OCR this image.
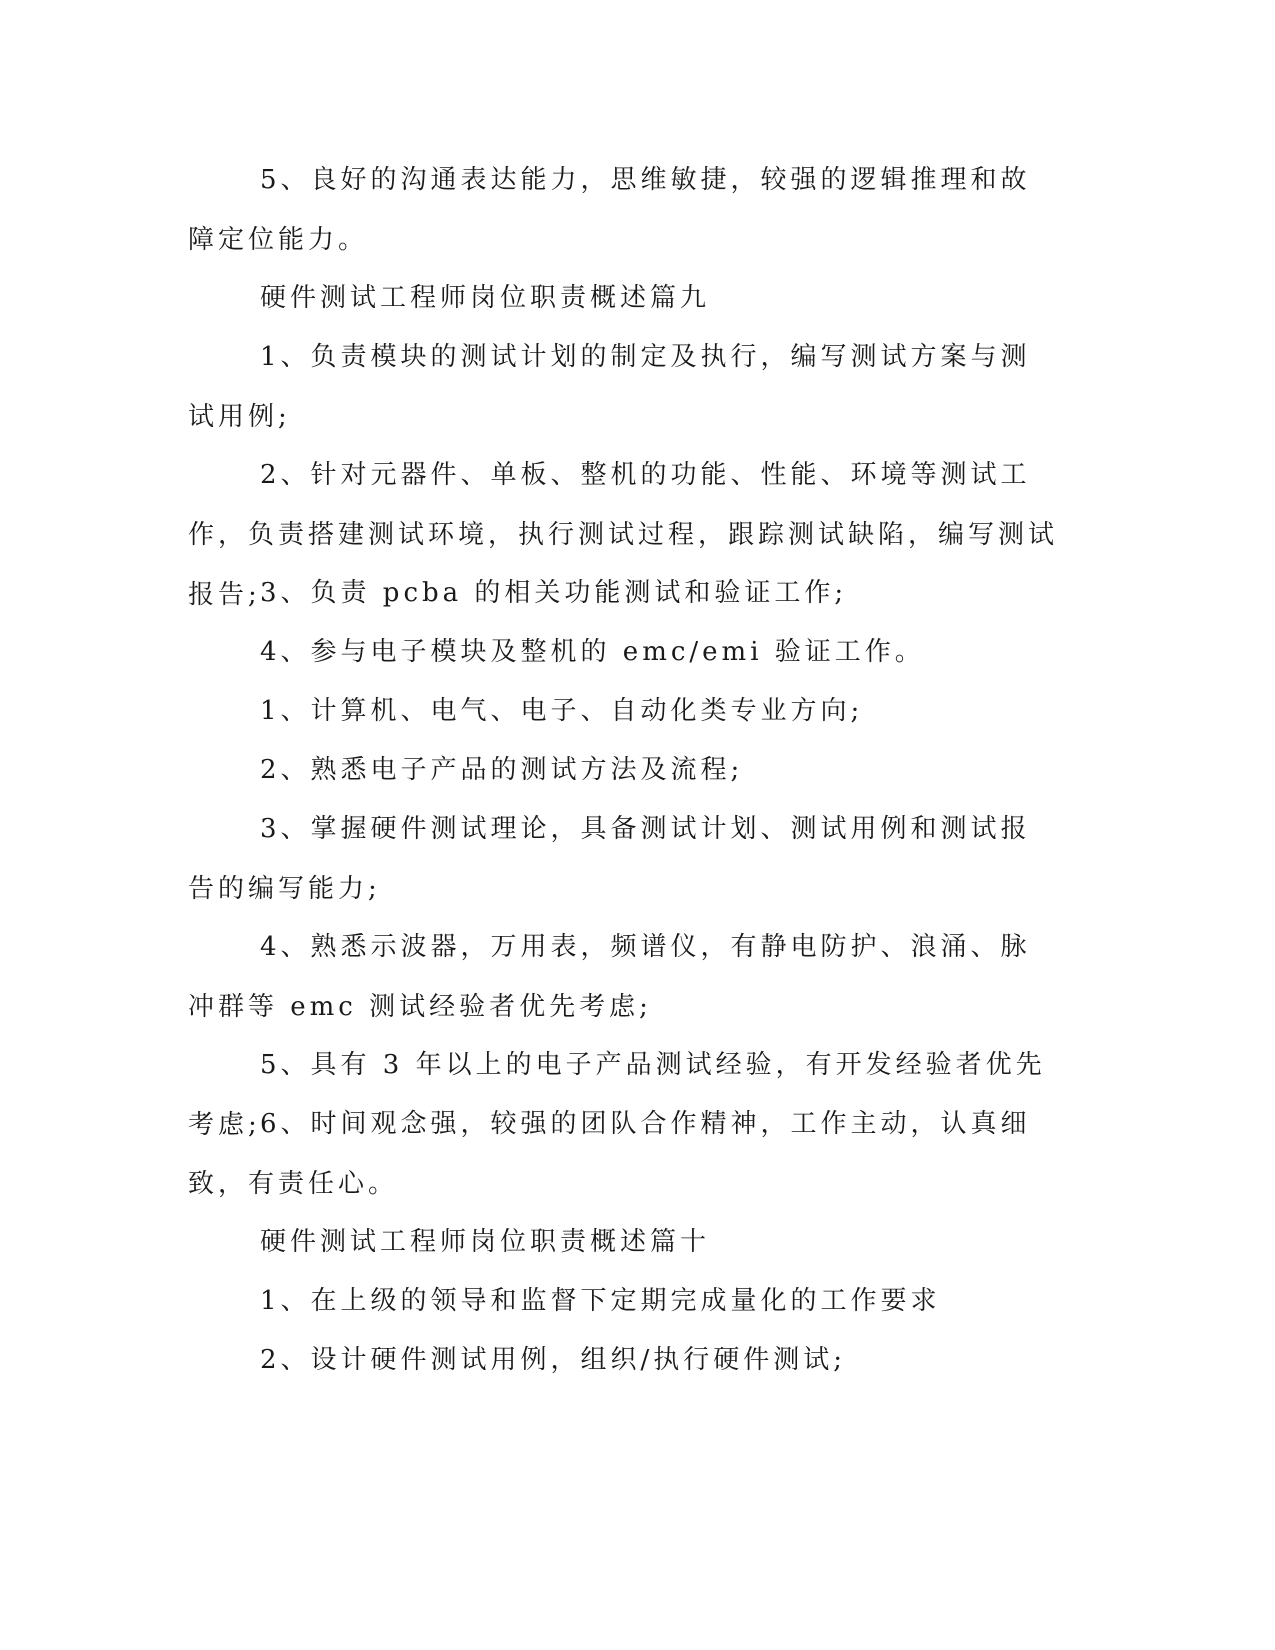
5、良好的沟通表达能力，思维敏捷，较强的逻辑推理和故障定位能力。

硬件测试工程师岗位职责概述篇九

1、负责模块的测试计划的制定及执行，编写测试方案与测试用例;

2、针对元器件、单板、整机的功能、性能、环境等测试工作，负责搭建测试环境，执行测试过程，跟踪测试缺陷，编写测试报告; 3、负责 pcba 的相关功能测试和验证工作;

4、参与电子模块及整机的 emc/emi 验证工作。

1、计算机、电气、电子、自动化类专业方向;

2、熟悉电子产品的测试方法及流程;

3、掌握硬件测试理论，具备测试计划、测试用例和测试报告的编写能力;

4、熟悉示波器，万用表，频谱仪，有静电防护、浪涌、脉冲群等 emc 测试经验者优先考虑;

5、具有 3 年以上的电子产品测试经验，有开发经验者优先考虑; 6、时间观念强，较强的团队合作精神，工作主动，认真细致，有责任心。

硬件测试工程师岗位职责概述篇十

1、在上级的领导和监督下定期完成量化的工作要求

2、设计硬件测试用例，组织/执行硬件测试;
